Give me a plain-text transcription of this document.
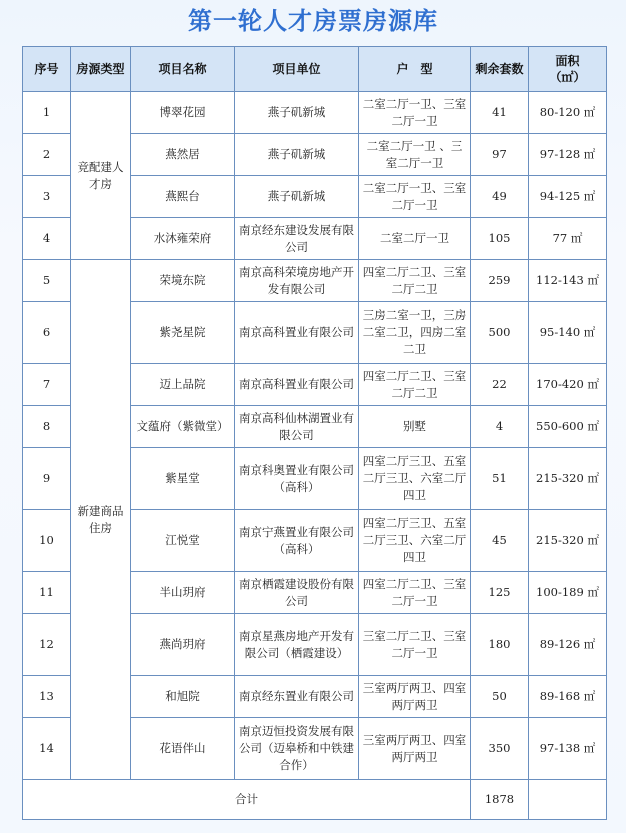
第一轮人才房票房源库
序号	房源类型	项目名称	项目单位	户　型	剩余套数	面积
（㎡）
1	竞配建人才房	博翠花园	燕子矶新城	二室二厅一卫、三室二厅一卫	41	80-120 ㎡
2		燕然居	燕子矶新城	二室二厅一卫 、三室二厅一卫	97	97-128 ㎡
3		燕熙台	燕子矶新城	二室二厅一卫、三室二厅一卫	49	94-125 ㎡
4		水沐雍荣府	南京经东建设发展有限公司	二室二厅一卫	105	77 ㎡
5	新建商品住房	荣境东院	南京高科荣境房地产开发有限公司	四室二厅二卫、三室二厅二卫	259	112-143 ㎡
6		紫尧星院	南京高科置业有限公司	三房二室一卫，三房二室二卫，四房二室二卫	500	95-140 ㎡
7		迈上品院	南京高科置业有限公司	四室二厅二卫、三室二厅二卫	22	170-420 ㎡
8		文蕴府（紫微堂）	南京高科仙林湖置业有限公司	别墅	4	550-600 ㎡
9		紫星堂	南京科奥置业有限公司（高科）	四室二厅三卫、五室二厅三卫、六室二厅四卫	51	215-320 ㎡
10		江悦堂	南京宁燕置业有限公司（高科）	四室二厅三卫、五室二厅三卫、六室二厅四卫	45	215-320 ㎡
11		半山玥府	南京栖霞建设股份有限公司	四室二厅二卫、三室二厅一卫	125	100-189 ㎡
12		燕尚玥府	南京星燕房地产开发有限公司（栖霞建设）	三室二厅二卫、三室二厅一卫	180	89-126 ㎡
13		和旭院	南京经东置业有限公司	三室两厅两卫、四室两厅两卫	50	89-168 ㎡
14		花语伴山	南京迈恒投资发展有限公司（迈皋桥和中铁建合作）	三室两厅两卫、四室两厅两卫	350	97-138 ㎡
合计					1878	
